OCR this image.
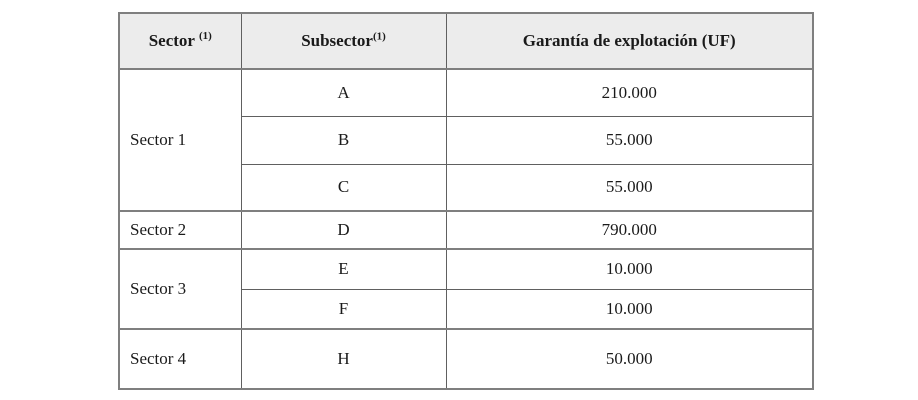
Sector $^{(1)}$	Subsector$^{(1)}$	Garantía de explotación (UF)
Sector 1	A	210.000
	B	55.000
	C	55.000
Sector 2	D	790.000
Sector 3	E	10.000
	F	10.000
Sector 4	H	50.000
